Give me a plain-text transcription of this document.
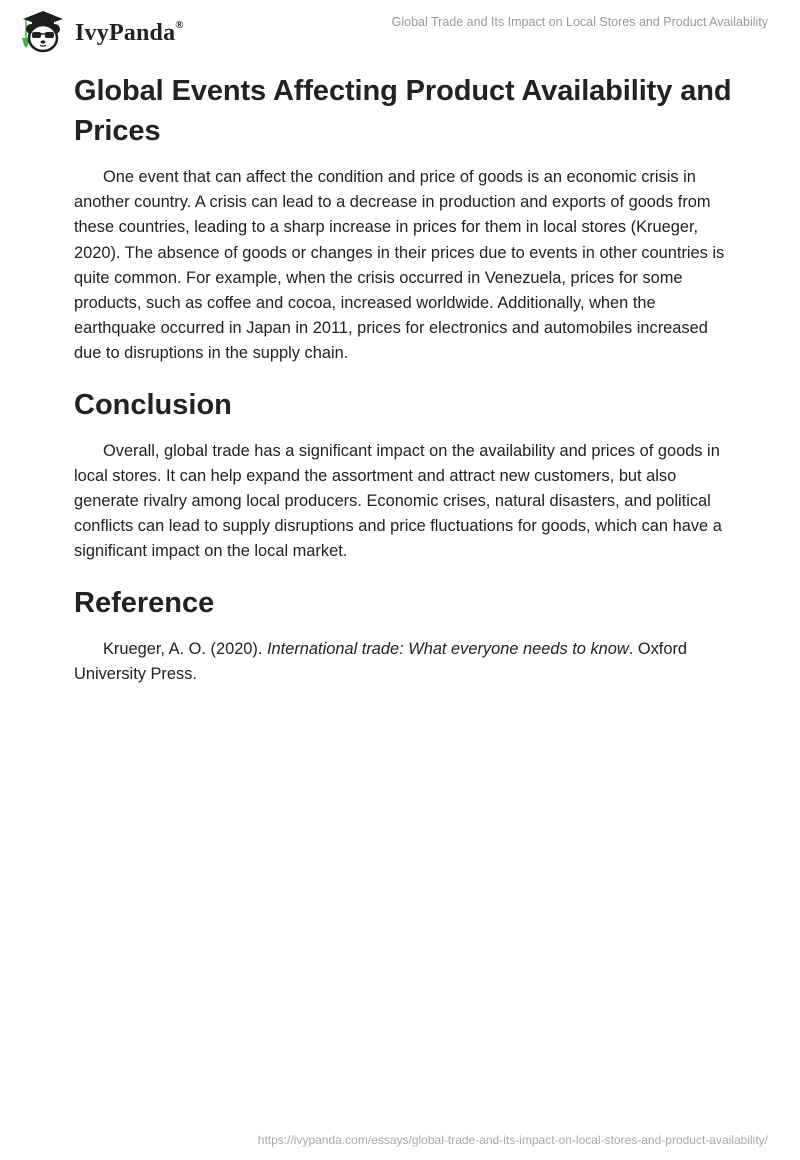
IvyPanda®	Global Trade and Its Impact on Local Stores and Product Availability
Global Events Affecting Product Availability and Prices

One event that can affect the condition and price of goods is an economic crisis in another country. A crisis can lead to a decrease in production and exports of goods from these countries, leading to a sharp increase in prices for them in local stores (Krueger, 2020). The absence of goods or changes in their prices due to events in other countries is quite common. For example, when the crisis occurred in Venezuela, prices for some products, such as coffee and cocoa, increased worldwide. Additionally, when the earthquake occurred in Japan in 2011, prices for electronics and automobiles increased due to disruptions in the supply chain.

Conclusion

Overall, global trade has a significant impact on the availability and prices of goods in local stores. It can help expand the assortment and attract new customers, but also generate rivalry among local producers. Economic crises, natural disasters, and political conflicts can lead to supply disruptions and price fluctuations for goods, which can have a significant impact on the local market.

Reference

Krueger, A. O. (2020). International trade: What everyone needs to know. Oxford University Press.

https://ivypanda.com/essays/global-trade-and-its-impact-on-local-stores-and-product-availability/
